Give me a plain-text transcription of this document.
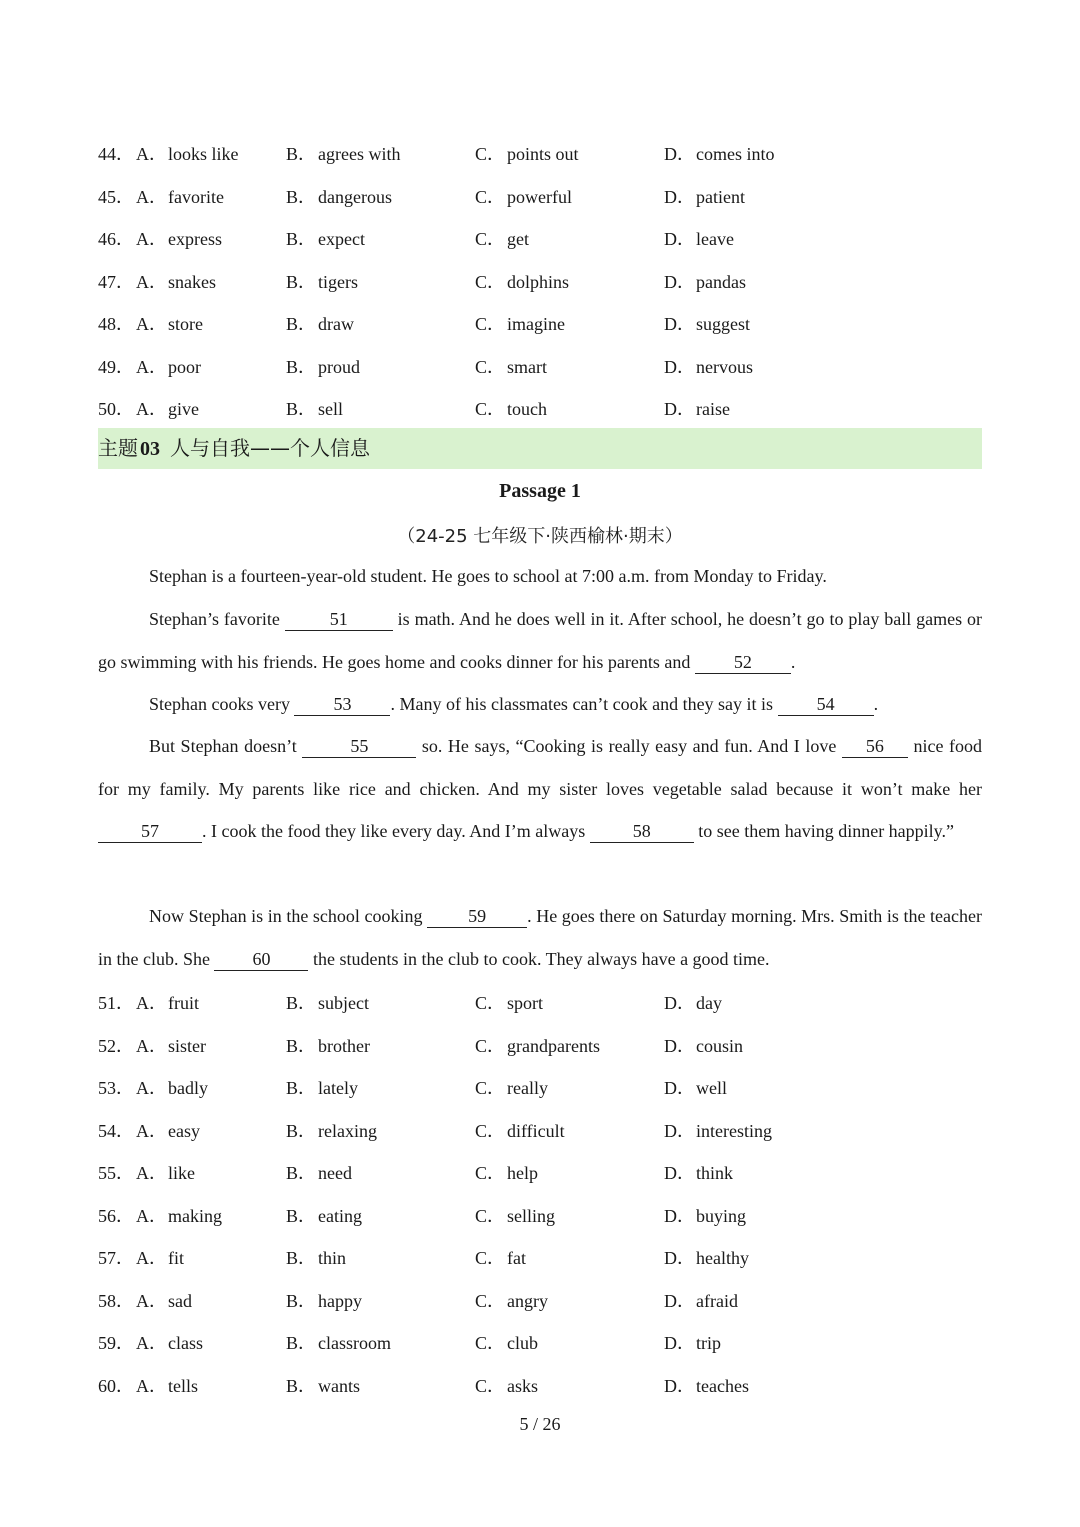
44． A．looks like	B． agrees with	C． points out	D．comes into
45． A．favorite	B． dangerous	C． powerful	D．patient
46． A．express	B． expect	C． get	D．leave
47． A．snakes	B． tigers	C． dolphins	D．pandas
48． A．store	B． draw	C． imagine	D．suggest
49． A．poor	B． proud	C． smart	D．nervous
50． A．give	B． sell	C． touch	D．raise
主题 03 人与自我——个人信息
Passage 1
（24-25 七年级下·陕西榆林·期末）
Stephan is a fourteen-year-old student. He goes to school at 7:00 a.m. from Monday to Friday.
Stephan’s favorite	51	is math. And he does well in it. After school, he doesn’t go to play ball games or go swimming with his friends. He goes home and cooks dinner for his parents and 52 .
Stephan cooks very 53 . Many of his classmates can’t cook and they say it is 54 .
But Stephan doesn’t	55	so. He says, “Cooking is really easy and fun. And I love 56 nice food for my family. My parents like rice and chicken. And my sister loves vegetable salad because it won’t make her 57 . I cook the food they like every day. And I’m always 58 to see them having dinner happily.”
Now Stephan is in the school cooking 59 . He goes there on Saturday morning. Mrs. Smith is the teacher in the club. She 60 the students in the club to cook. They always have a good time.
51． A．fruit	B． subject	C． sport	D．day
52． A．sister	B． brother	C． grandparents	D．cousin
53． A．badly	B． lately	C． really	D．well
54． A．easy	B． relaxing	C． difficult	D．interesting
55． A．like	B． need	C． help	D．think
56． A．making	B． eating	C． selling	D．buying
57． A．fit	B． thin	C． fat	D．healthy
58． A．sad	B． happy	C． angry	D．afraid
59． A．class	B． classroom	C． club	D．trip
60． A．tells	B． wants	C． asks	D．teaches
5 / 26
